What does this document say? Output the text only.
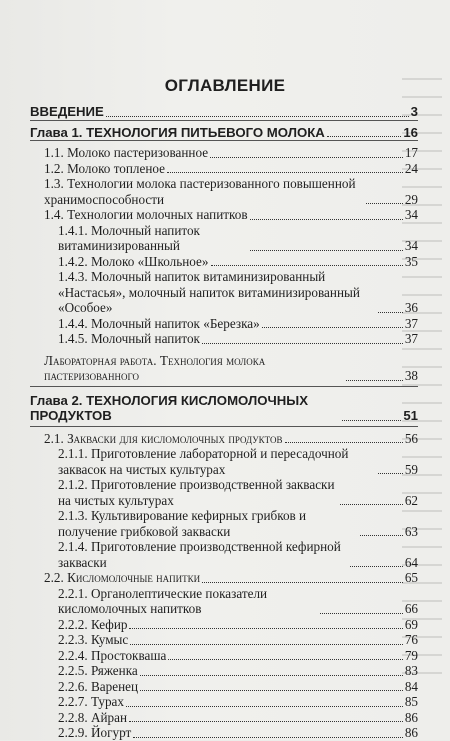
ОГЛАВЛЕНИЕ
ВВЕДЕНИЕ	3
Глава 1. ТЕХНОЛОГИЯ ПИТЬЕВОГО МОЛОКА	16
1.1. Молоко пастеризованное	17
1.2. Молоко топленое	24
1.3. Технологии молока пастеризованного повышенной хранимоспособности	29
1.4. Технологии молочных напитков	34
1.4.1. Молочный напиток витаминизированный	34
1.4.2. Молоко «Школьное»	35
1.4.3. Молочный напиток витаминизированный «Настасья», молочный напиток витаминизированный «Особое»	36
1.4.4. Молочный напиток «Березка»	37
1.4.5. Молочный напиток	37
Лабораторная работа. Технология молока пастеризованного	38
Глава 2. ТЕХНОЛОГИЯ КИСЛОМОЛОЧНЫХ ПРОДУКТОВ	51
2.1. Закваски для кисломолочных продуктов	56
2.1.1. Приготовление лабораторной и пересадочной заквасок на чистых культурах	59
2.1.2. Приготовление производственной закваски на чистых культурах	62
2.1.3. Культивирование кефирных грибков и получение грибковой закваски	63
2.1.4. Приготовление производственной кефирной закваски	64
2.2. Кисломолочные напитки	65
2.2.1. Органолептические показатели кисломолочных напитков	66
2.2.2. Кефир	69
2.2.3. Кумыс	76
2.2.4. Простокваша	79
2.2.5. Ряженка	83
2.2.6. Варенец	84
2.2.7. Турах	85
2.2.8. Айран	86
2.2.9. Йогурт	86
